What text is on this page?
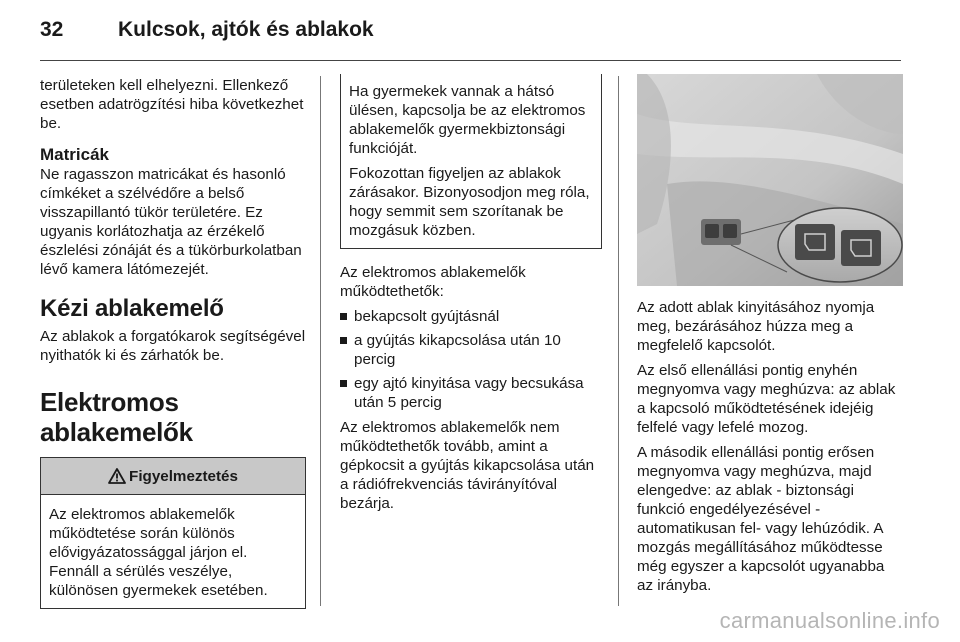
32	Kulcsok, ajtók és ablakok

területeken kell elhelyezni. Ellenkező esetben adatrögzítési hiba következhet be.

Matricák

Ne ragasszon matricákat és hasonló címkéket a szélvédőre a belső visszapillantó tükör területére. Ez ugyanis korlátozhatja az érzékelő észlelési zónáját és a tükörburkolatban lévő kamera látómezejét.

Kézi ablakemelő

Az ablakok a forgatókarok segítségével nyithatók ki és zárhatók be.

Elektromos ablakemelők
Figyelmeztetés

Az elektromos ablakemelők működtetése során különös elővigyázatossággal járjon el. Fennáll a sérülés veszélye, különösen gyermekek esetében.

Ha gyermekek vannak a hátsó ülésen, kapcsolja be az elektromos ablakemelők gyermekbiztonsági funkcióját.

Fokozottan figyeljen az ablakok zárásakor. Bizonyosodjon meg róla, hogy semmit sem szorítanak be mozgásuk közben.

Az elektromos ablakemelők működtethetők:

bekapcsolt gyújtásnál
a gyújtás kikapcsolása után 10 percig
egy ajtó kinyitása vagy becsukása után 5 percig

Az elektromos ablakemelők nem működtethetők tovább, amint a gépkocsit a gyújtás kikapcsolása után a rádiófrekvenciás távirányítóval bezárja.

Az adott ablak kinyitásához nyomja meg, bezárásához húzza meg a megfelelő kapcsolót.

Az első ellenállási pontig enyhén megnyomva vagy meghúzva: az ablak a kapcsoló működtetésének idejéig felfelé vagy lefelé mozog.

A második ellenállási pontig erősen megnyomva vagy meghúzva, majd elengedve: az ablak - biztonsági funkció engedélyezésével - automatikusan fel- vagy lehúzódik. A mozgás megállításához működtesse még egyszer a kapcsolót ugyanabba az irányba.

carmanualsonline.info
